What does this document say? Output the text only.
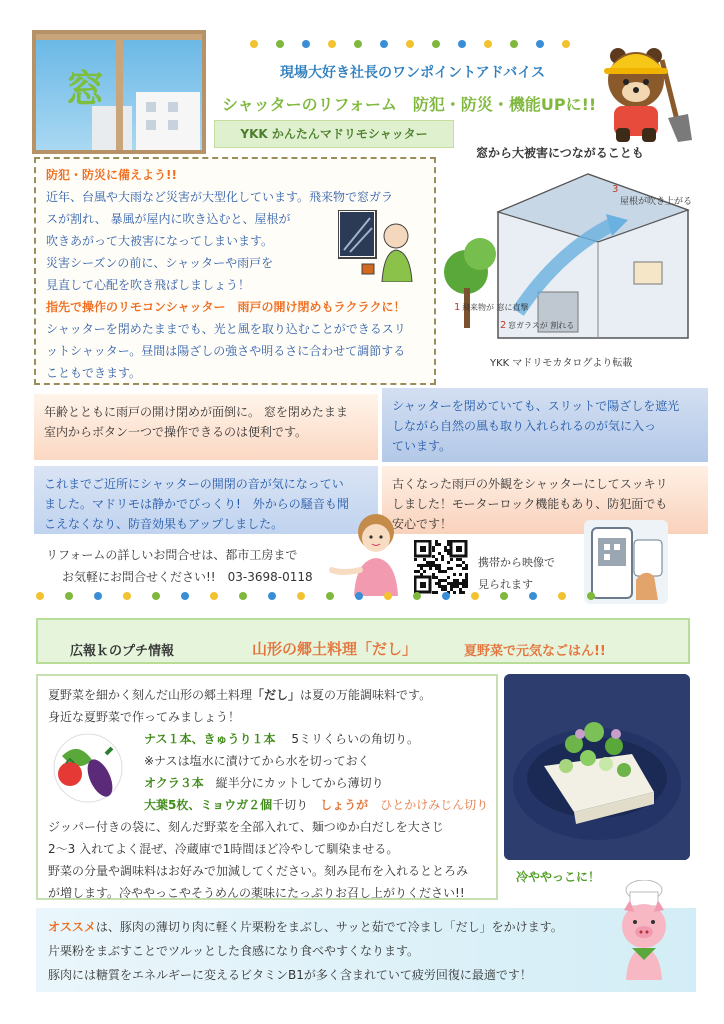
窓	現場大好き社長のワンポイントアドバイス
シャッターのリフォーム　防犯・防災・機能UPに!!
YKK かんたんマドリモシャッター
防犯・防災に備えよう!!
近年、台風や大雨など災害が大型化しています。飛来物で窓ガラ
スが割れ、 暴風が屋内に吹き込むと、屋根が
吹きあがって大被害になってしまいます。
災害シーズンの前に、シャッターや雨戸を
見直して心配を吹き飛ばしましょう！
指先で操作のリモコンシャッター　雨戸の開け閉めもラクラクに！
シャッターを閉めたままでも、光と風を取り込むことができるスリ
ットシャッター。昼間は陽ざしの強さや明るさに合わせて調節する
こともできます。
窓から大被害につながることも
3
屋根が吹き上がる
1 飛来物が 窓に直撃
2 窓ガラスが 割れる
YKK マドリモカタログより転載
年齢とともに雨戸の開け閉めが面倒に。 窓を閉めたまま
室内からボタン一つで操作できるのは便利です。
シャッターを閉めていても、スリットで陽ざしを遮光
しながら自然の風も取り入れられるのが気に入っ
ています。
これまでご近所にシャッターの開閉の音が気になってい
ました。マドリモは静かでびっくり!　外からの騒音も聞
こえなくなり、防音効果もアップしました。
古くなった雨戸の外観をシャッターにしてスッキリ
しました！モーターロック機能もあり、防犯面でも
安心です！
リフォームの詳しいお問合せは、都市工房まで
お気軽にお問合せください!!　03-3698-0118
携帯から映像で
見られます
広報ｋのプチ情報	山形の郷土料理「だし」	夏野菜で元気なごはん!!
夏野菜を細かく刻んだ山形の郷土料理「だし」は夏の万能調味料です。
身近な夏野菜で作ってみましょう！
ナス１本、きゅうり１本　 5ミリくらいの角切り。
※ナスは塩水に漬けてから水を切っておく
オクラ３本　 縦半分にカットしてから薄切り
大葉5枚、ミョウガ２個千切り　 しょうが　 ひとかけみじん切り
ジッパー付きの袋に、刻んだ野菜を全部入れて、麺つゆか白だしを大さじ
2～3 入れてよく混ぜ、冷蔵庫で1時間ほど冷やして馴染ませる。
野菜の分量や調味料はお好みで加減してください。刻み昆布を入れるととろみ
が増します。冷ややっこやそうめんの薬味にたっぷりお召し上がりください!!
冷ややっこに！
オススメは、豚肉の薄切り肉に軽く片栗粉をまぶし、サッと茹でて冷まし「だし」をかけます。
片栗粉をまぶすことでツルッとした食感になり食べやすくなります。
豚肉には糖質をエネルギーに変えるビタミンB1が多く含まれていて疲労回復に最適です！
